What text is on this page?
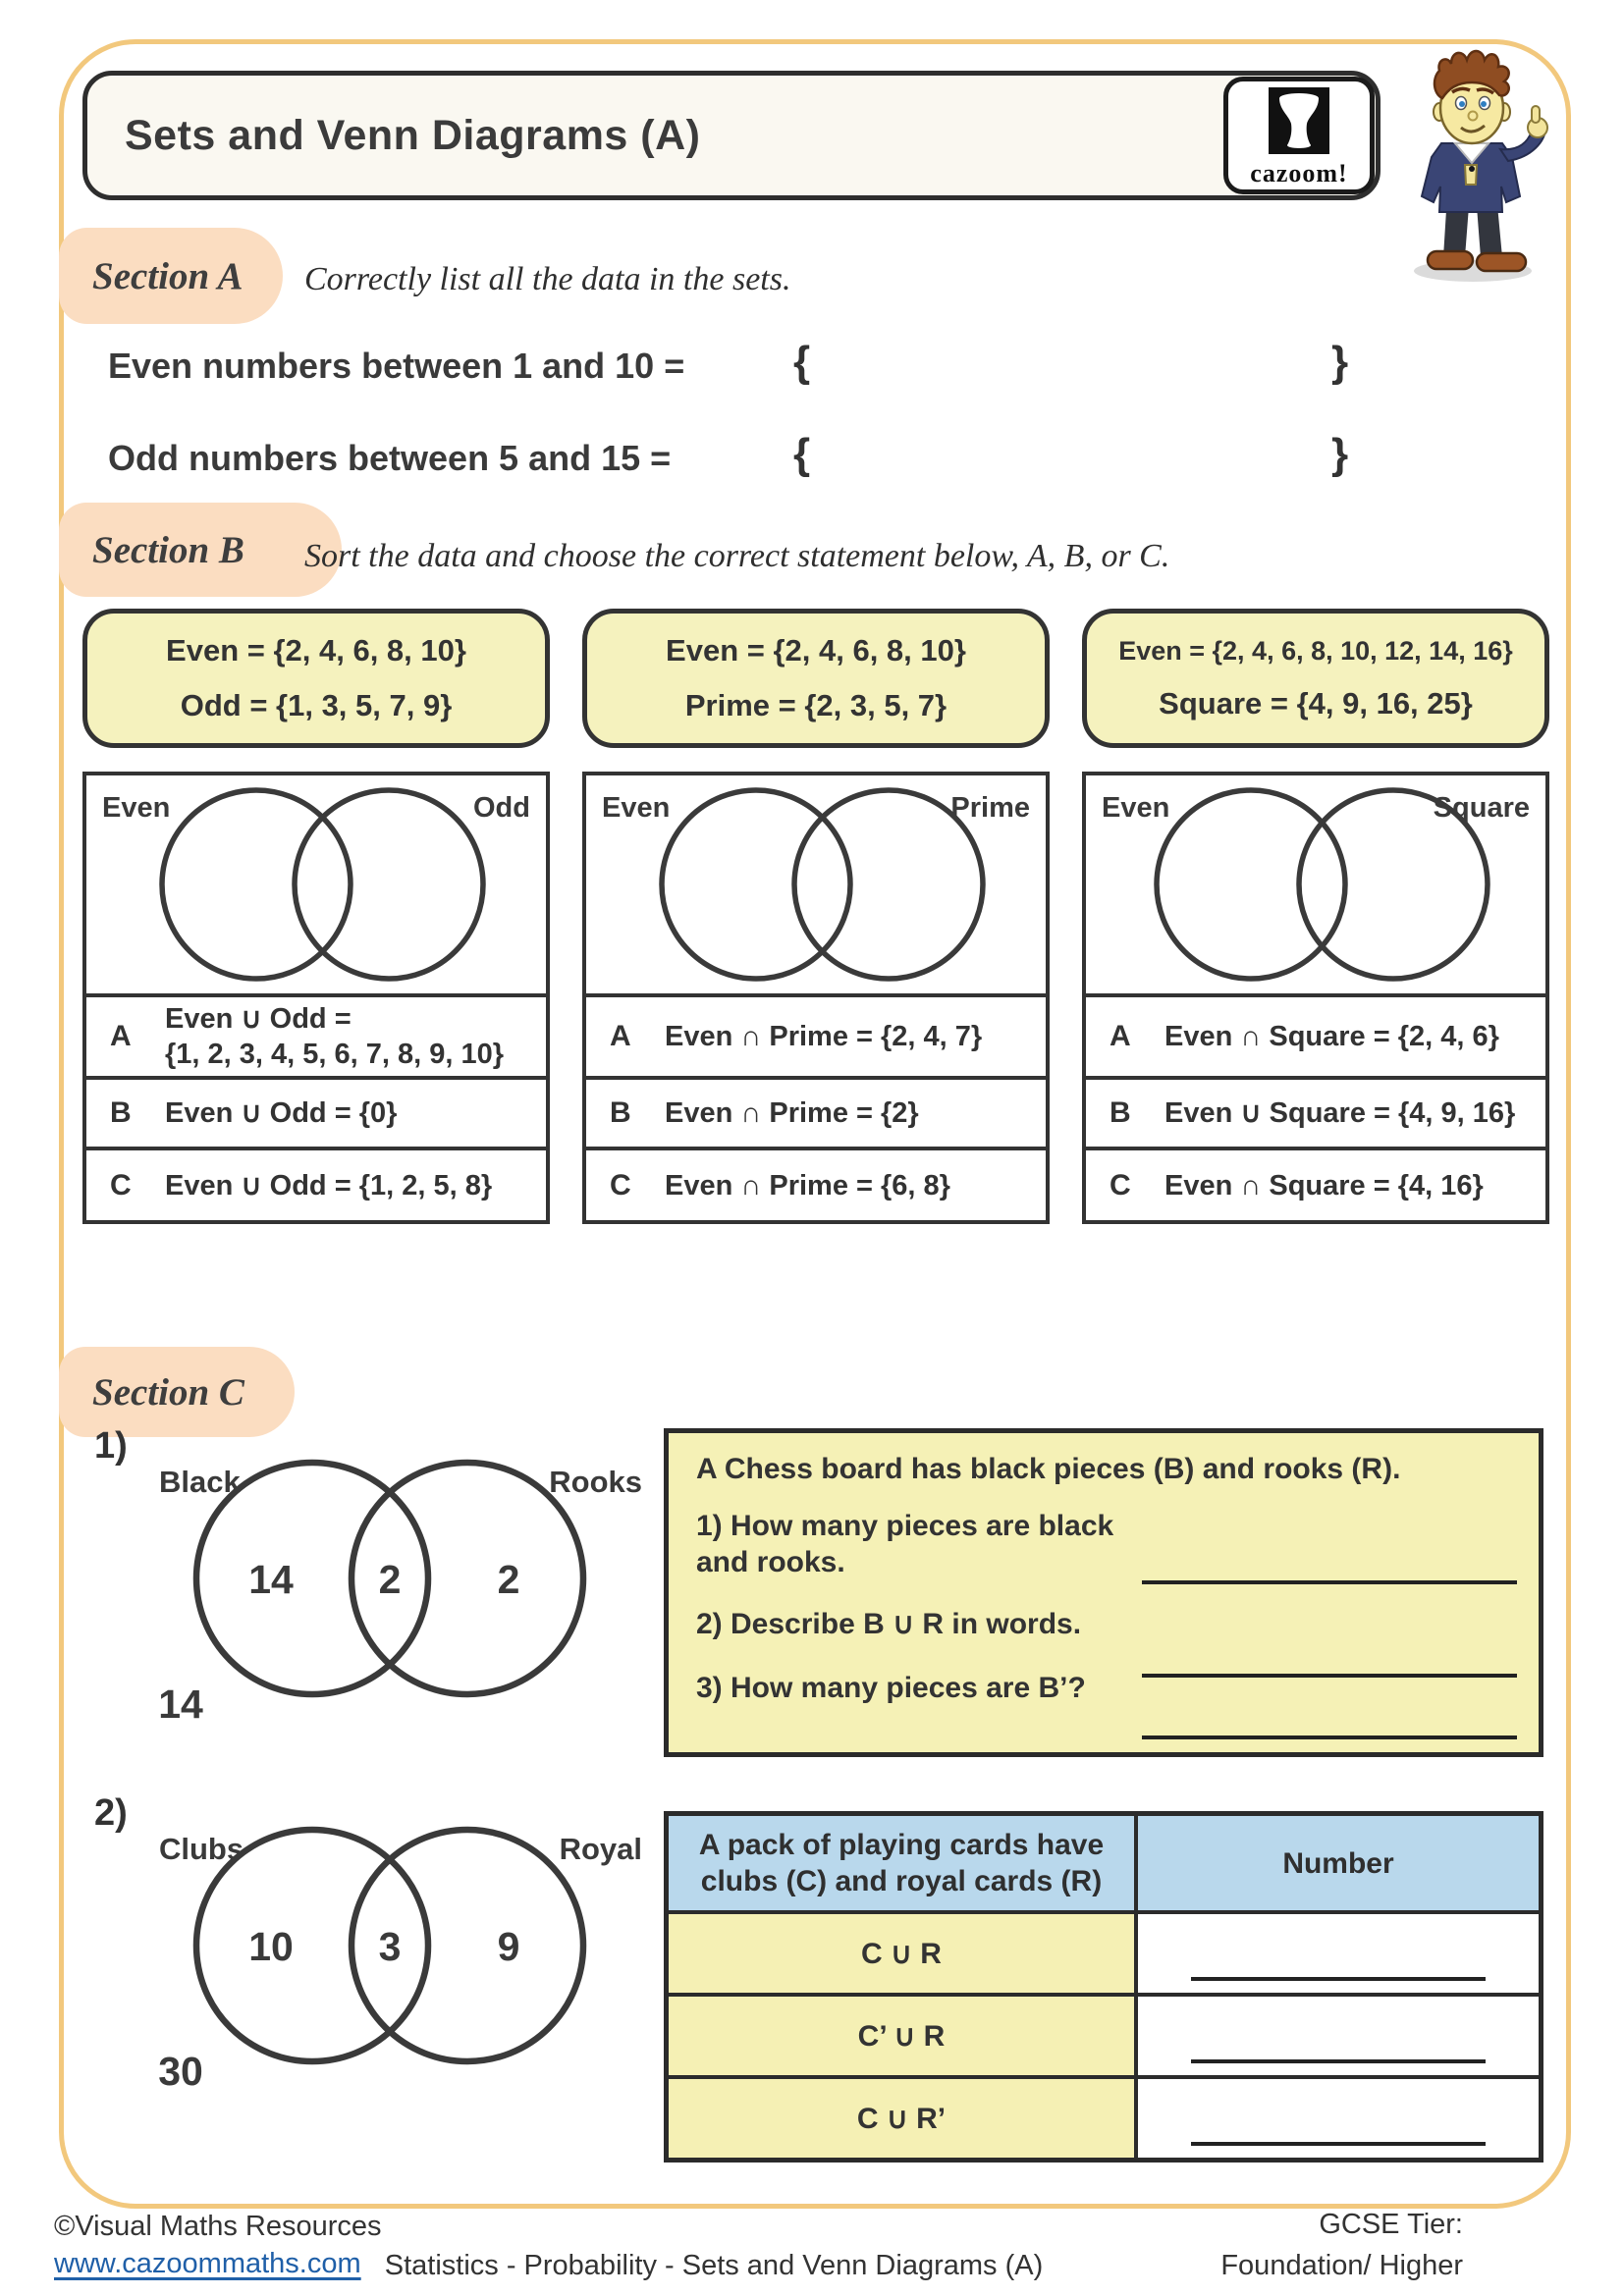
Sets and Venn Diagrams (A)
cazoom!
Section A Correctly list all the data in the sets.
Even numbers between 1 and 10 =	{	}
Odd numbers between 5 and 15 =	{	}
Section B Sort the data and choose the correct statement below, A, B, or C.
Even = {2, 4, 6, 8, 10}
Odd = {1, 3, 5, 7, 9}
Even	Odd
A
Even ∪ Odd =
{1, 2, 3, 4, 5, 6, 7, 8, 9, 10}
B	Even ∪ Odd = {0}
C	Even ∪ Odd = {1, 2, 5, 8}
Even = {2, 4, 6, 8, 10}
Prime = {2, 3, 5, 7}
Even	Prime
A	Even ∩ Prime = {2, 4, 7}
B	Even ∩ Prime = {2}
C	Even ∩ Prime = {6, 8}
Even = {2, 4, 6, 8, 10, 12, 14, 16}
Square = {4, 9, 16, 25}
Even	Square
A	Even ∩ Square = {2, 4, 6}
B	Even ∪ Square = {4, 9, 16}
C	Even ∩ Square = {4, 16}
Section C
1)
Black	Rooks
14 2 2
14
A Chess board has black pieces (B) and rooks (R).
1) How many pieces are black
and rooks.
2) Describe B ∪ R in words.
3) How many pieces are B’?
2)
Clubs	Royal
10 3 9
30
A pack of playing cards have
clubs (C) and royal cards (R)
Number
C ∪ R
C’ ∪ R
C ∪ R’
©Visual Maths Resources
www.cazoommaths.com Statistics - Probability - Sets and Venn Diagrams (A)
GCSE Tier:
Foundation/ Higher
